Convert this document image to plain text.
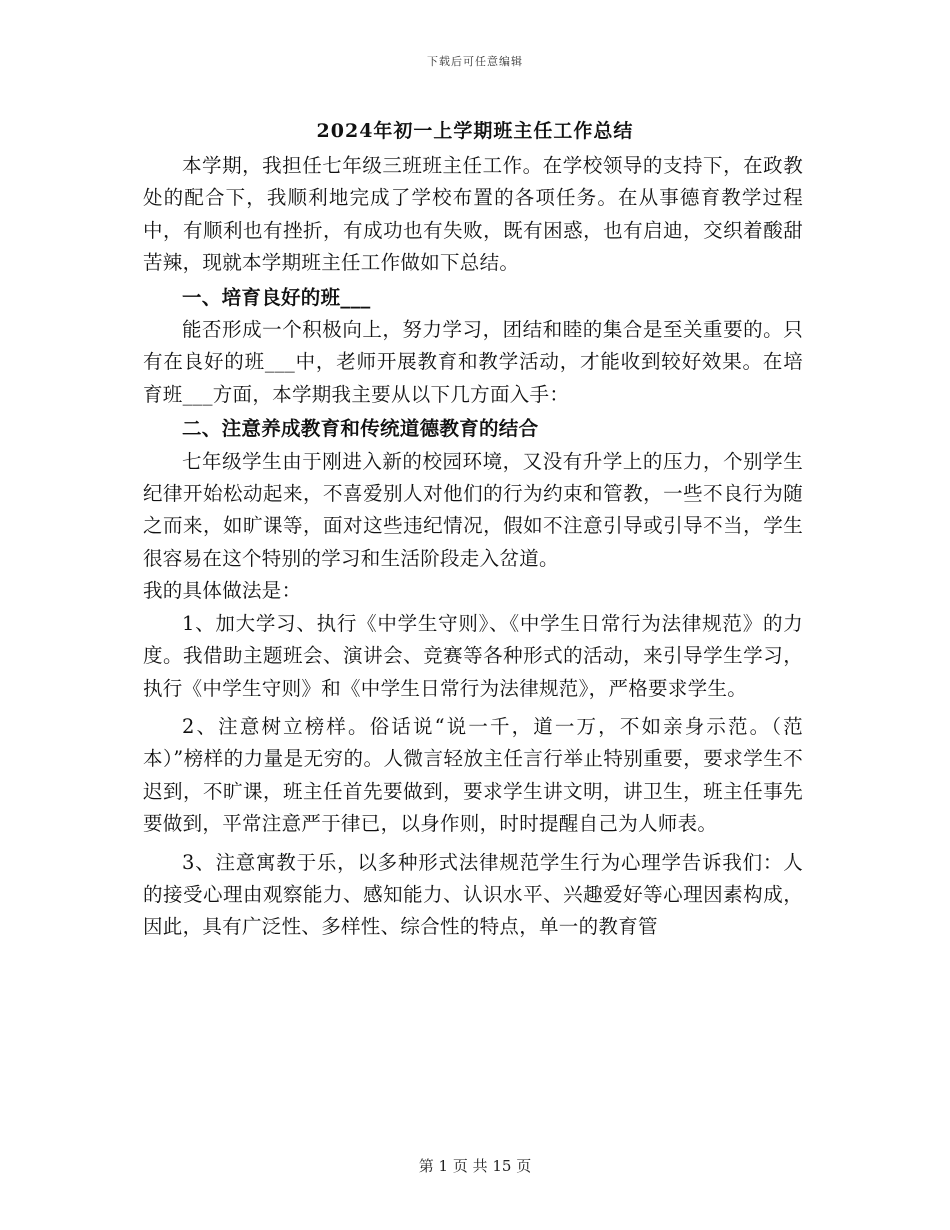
下载后可任意编辑
2024年初一上学期班主任工作总结

本学期，我担任七年级三班班主任工作。在学校领导的支持下，在政教处的配合下，我顺利地完成了学校布置的各项任务。在从事德育教学过程中，有顺利也有挫折，有成功也有失败，既有困惑，也有启迪，交织着酸甜苦辣，现就本学期班主任工作做如下总结。

一、培育良好的班___

能否形成一个积极向上，努力学习，团结和睦的集合是至关重要的。只有在良好的班___中，老师开展教育和教学活动，才能收到较好效果。在培育班___方面，本学期我主要从以下几方面入手：

二、注意养成教育和传统道德教育的结合

七年级学生由于刚进入新的校园环境，又没有升学上的压力，个别学生纪律开始松动起来，不喜爱别人对他们的行为约束和管教，一些不良行为随之而来，如旷课等，面对这些违纪情况，假如不注意引导或引导不当，学生很容易在这个特别的学习和生活阶段走入岔道。

我的具体做法是：

1、加大学习、执行《中学生守则》、《中学生日常行为法律规范》的力度。我借助主题班会、演讲会、竞赛等各种形式的活动，来引导学生学习，执行《中学生守则》和《中学生日常行为法律规范》，严格要求学生。

2、注意树立榜样。俗话说“说一千，道一万，不如亲身示范。（范本）”榜样的力量是无穷的。人微言轻放主任言行举止特别重要，要求学生不迟到，不旷课，班主任首先要做到，要求学生讲文明，讲卫生，班主任事先要做到，平常注意严于律已，以身作则，时时提醒自己为人师表。

3、注意寓教于乐，以多种形式法律规范学生行为心理学告诉我们：人的接受心理由观察能力、感知能力、认识水平、兴趣爱好等心理因素构成，因此，具有广泛性、多样性、综合性的特点，单一的教育管

第 1 页 共 15 页
